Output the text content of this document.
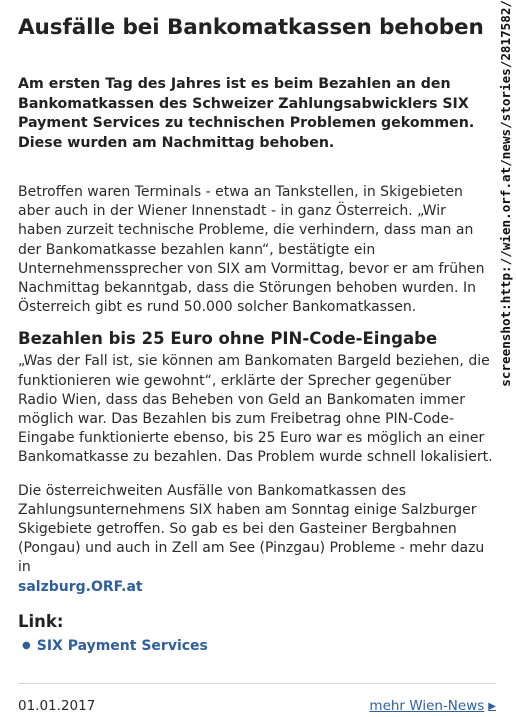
Ausfälle bei Bankomatkassen behoben
Am ersten Tag des Jahres ist es beim Bezahlen an den Bankomatkassen des Schweizer Zahlungsabwicklers SIX Payment Services zu technischen Problemen gekommen. Diese wurden am Nachmittag behoben.

Betroffen waren Terminals - etwa an Tankstellen, in Skigebieten aber auch in der Wiener Innenstadt - in ganz Österreich. „Wir haben zurzeit technische Probleme, die verhindern, dass man an der Bankomatkasse bezahlen kann“, bestätigte ein Unternehmenssprecher von SIX am Vormittag, bevor er am frühen Nachmittag bekanntgab, dass die Störungen behoben wurden. In Österreich gibt es rund 50.000 solcher Bankomatkassen.

Bezahlen bis 25 Euro ohne PIN-Code-Eingabe

„Was der Fall ist, sie können am Bankomaten Bargeld beziehen, die funktionieren wie gewohnt“, erklärte der Sprecher gegenüber Radio Wien, dass das Beheben von Geld an Bankomaten immer möglich war. Das Bezahlen bis zum Freibetrag ohne PIN-Code-Eingabe funktionierte ebenso, bis 25 Euro war es möglich an einer Bankomatkasse zu bezahlen. Das Problem wurde schnell lokalisiert.

Die österreichweiten Ausfälle von Bankomatkassen des Zahlungsunternehmens SIX haben am Sonntag einige Salzburger Skigebiete getroffen. So gab es bei den Gasteiner Bergbahnen (Pongau) und auch in Zell am See (Pinzgau) Probleme - mehr dazu in
salzburg.ORF.at

Link:
● SIX Payment Services
01.01.2017	mehr Wien-News ▶
screenshot:http://wien.orf.at/news/stories/2817582/
